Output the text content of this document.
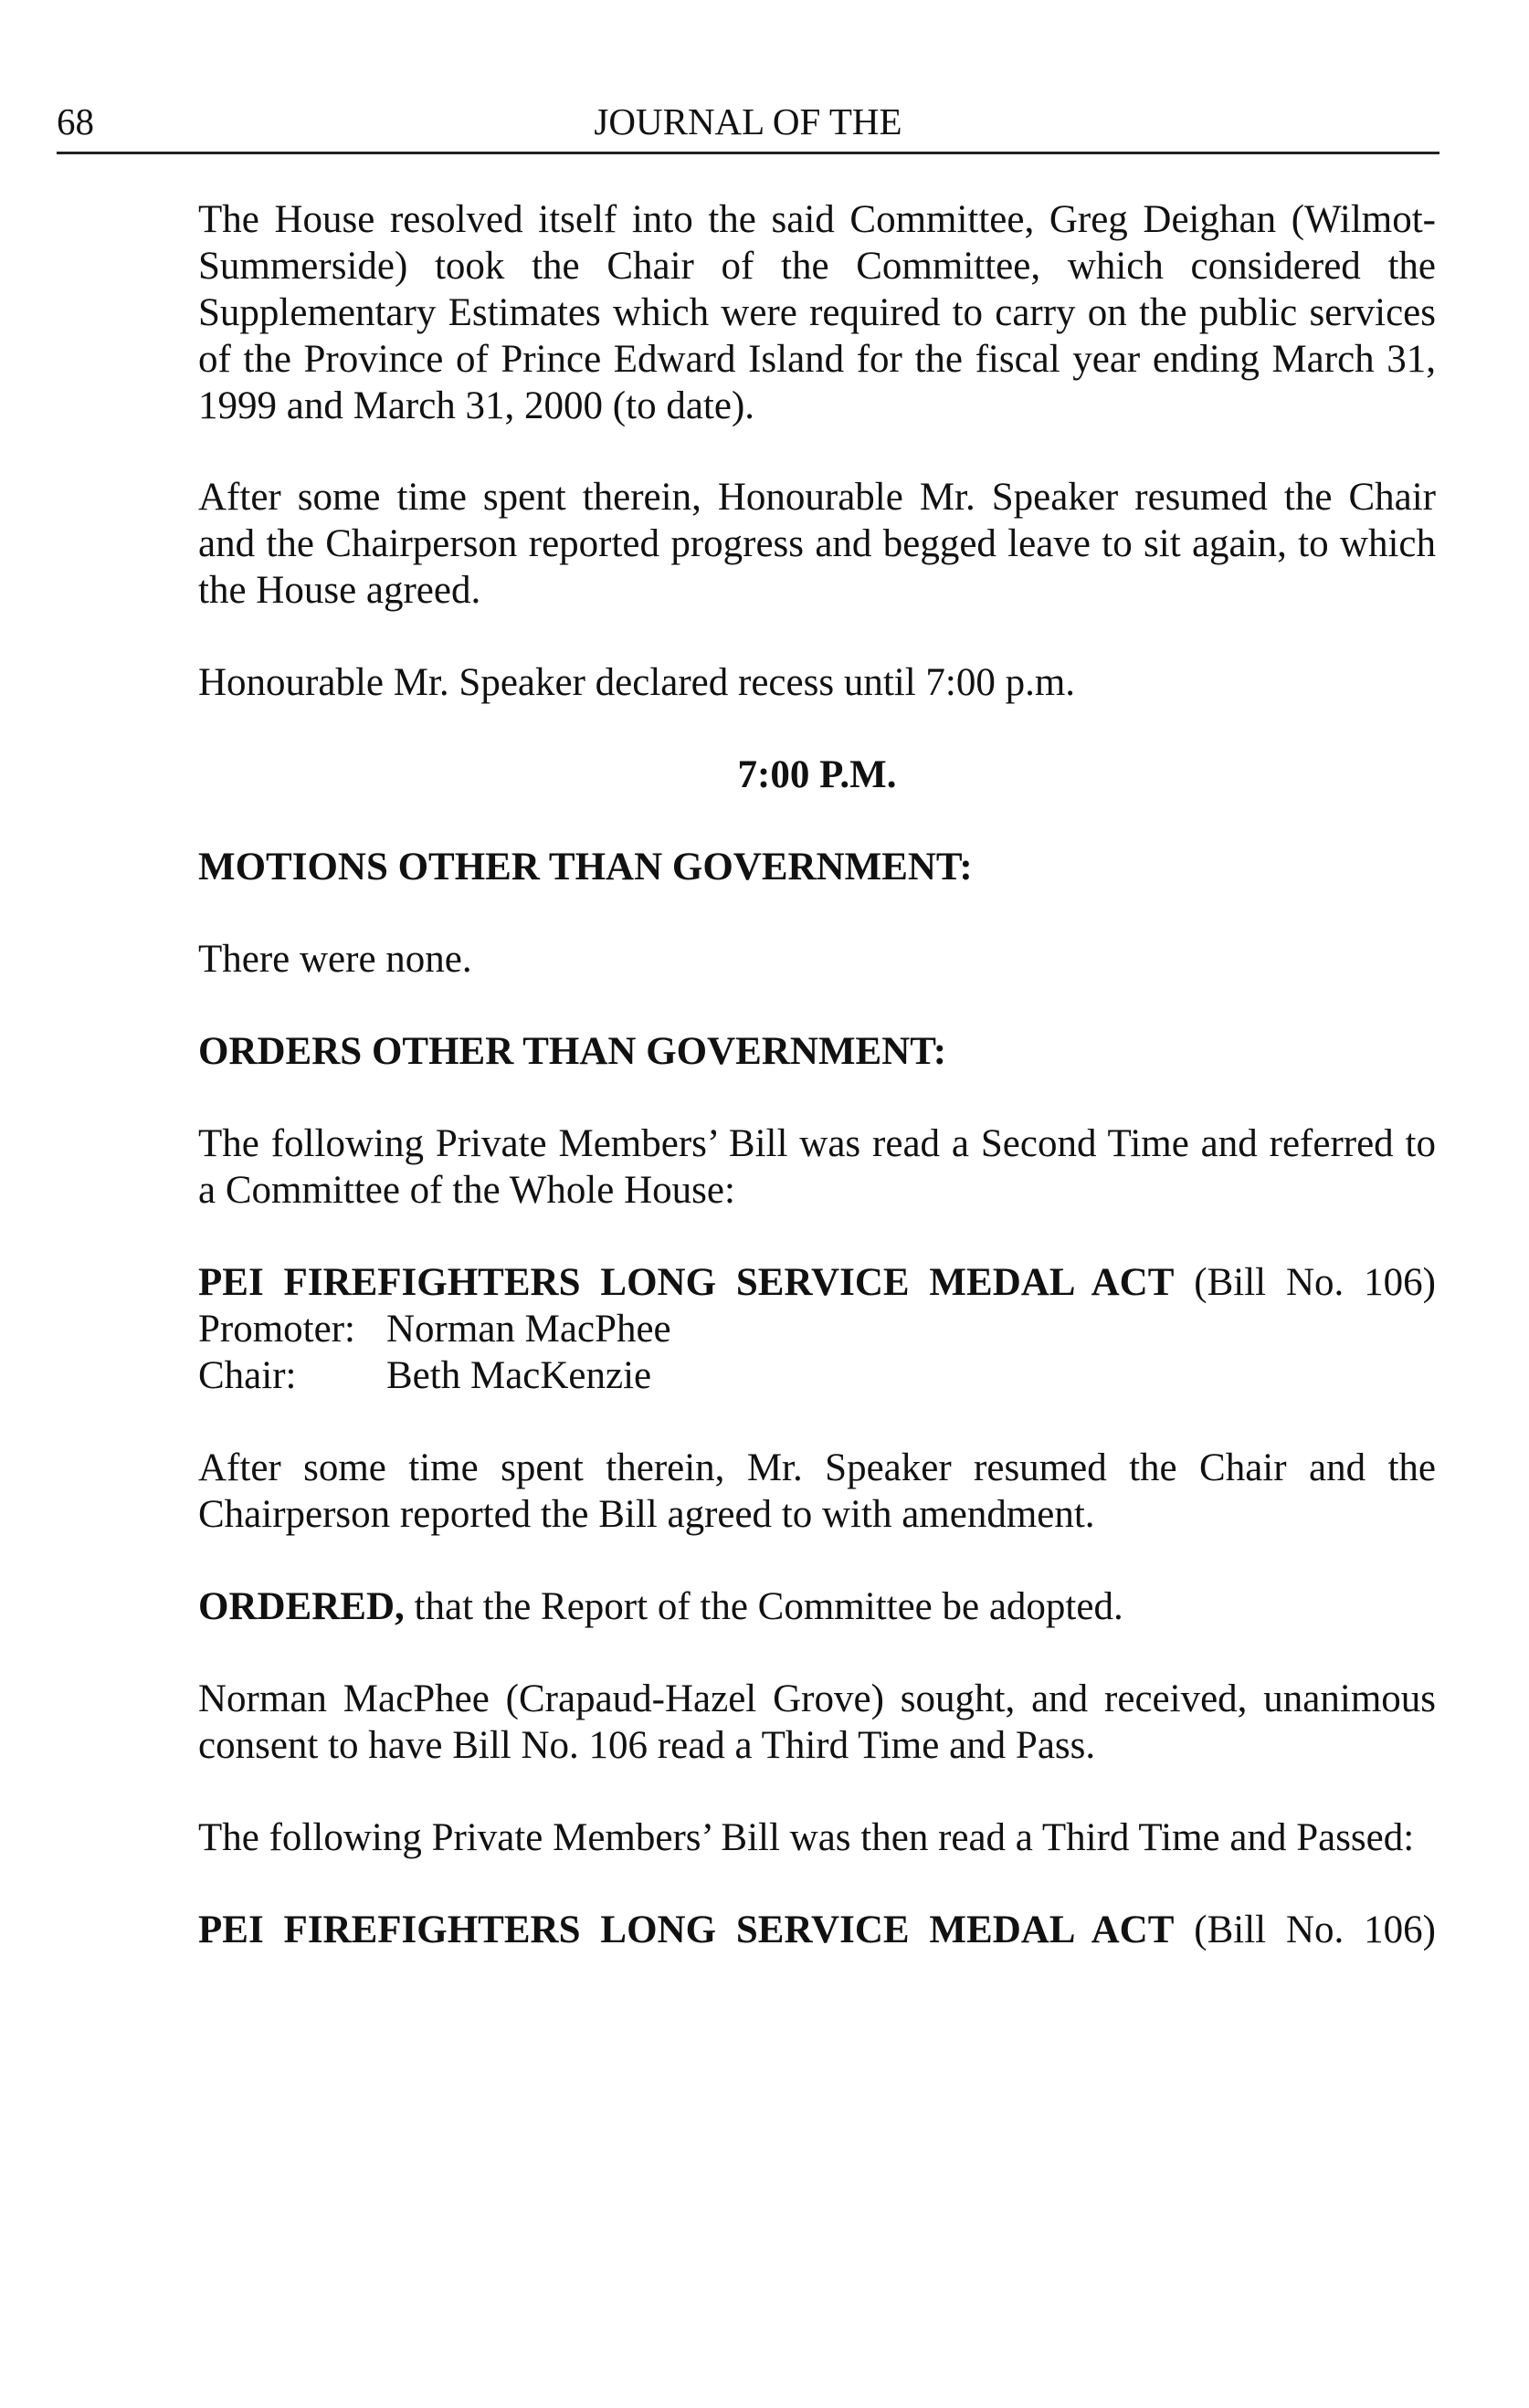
68	JOURNAL OF THE

The House resolved itself into the said Committee, Greg Deighan (Wilmot-Summerside) took the Chair of the Committee, which considered the Supplementary Estimates which were required to carry on the public services of the Province of Prince Edward Island for the fiscal year ending March 31, 1999 and March 31, 2000 (to date).

After some time spent therein, Honourable Mr. Speaker resumed the Chair and the Chairperson reported progress and begged leave to sit again, to which the House agreed.

Honourable Mr. Speaker declared recess until 7:00 p.m.

7:00 P.M.

MOTIONS OTHER THAN GOVERNMENT:

There were none.

ORDERS OTHER THAN GOVERNMENT:

The following Private Members’ Bill was read a Second Time and referred to a Committee of the Whole House:

PEI FIREFIGHTERS LONG SERVICE MEDAL ACT (Bill No. 106)

Promoter: Norman MacPhee
Chair: Beth MacKenzie

After some time spent therein, Mr. Speaker resumed the Chair and the Chairperson reported the Bill agreed to with amendment.

ORDERED, that the Report of the Committee be adopted.

Norman MacPhee (Crapaud-Hazel Grove) sought, and received, unanimous consent to have Bill No. 106 read a Third Time and Pass.

The following Private Members’ Bill was then read a Third Time and Passed:

PEI FIREFIGHTERS LONG SERVICE MEDAL ACT (Bill No. 106)
